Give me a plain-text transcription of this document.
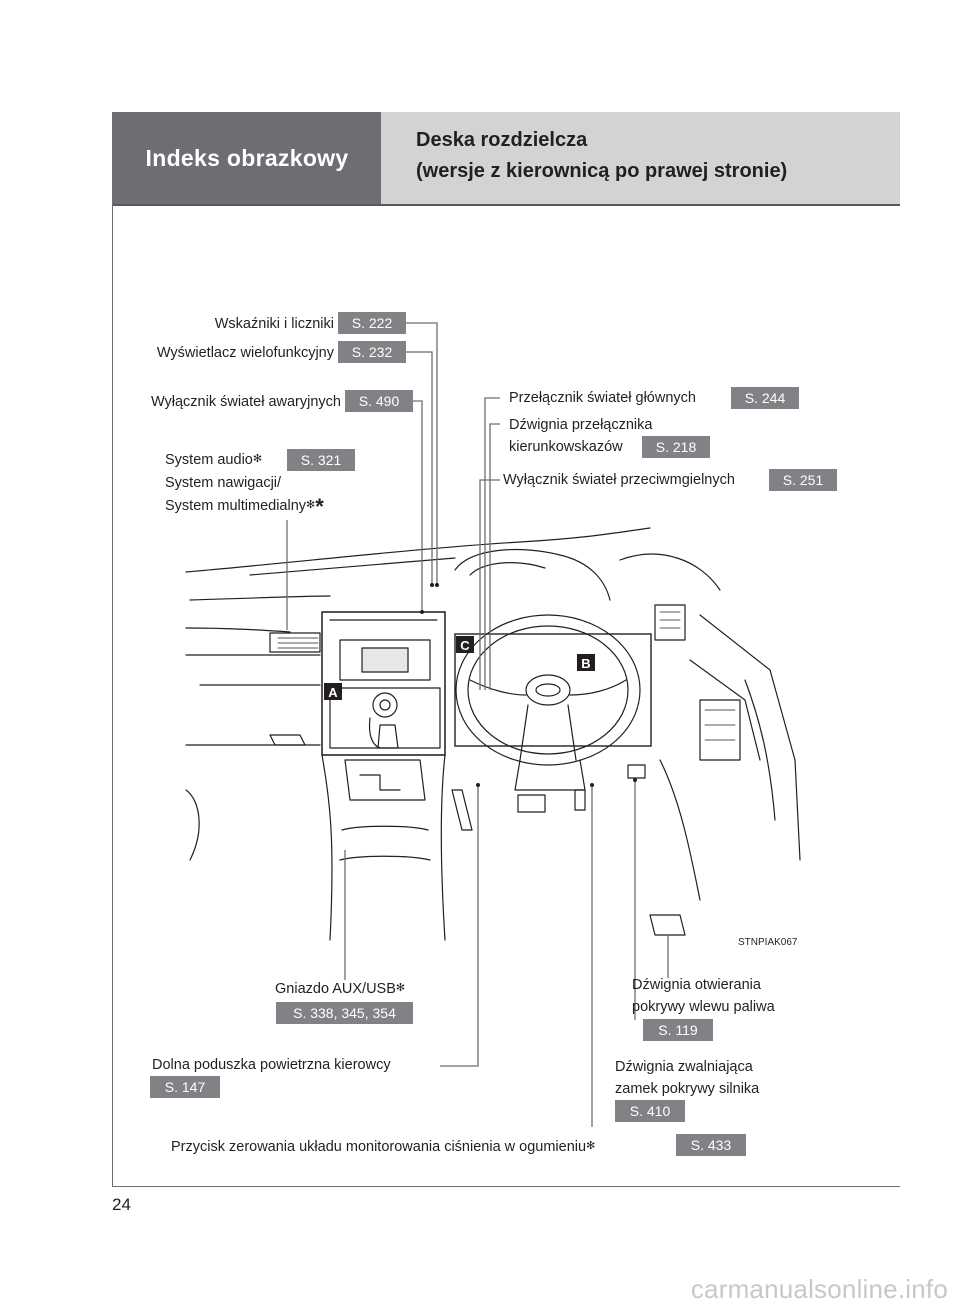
Indeks obrazkowy
Deska rozdzielcza
(wersje z kierownicą po prawej stronie)
A
B
C
STNPIAK067
Wskaźniki i liczniki	S. 222
Wyświetlacz wielofunkcyjny	S. 232
Wyłącznik świateł awaryjnych	S. 490
System audio✻	S. 321
System nawigacji/
System multimedialny✻*
Przełącznik świateł głównych	S. 244
Dźwignia przełącznika
kierunkowskazów	S. 218
Wyłącznik świateł przeciwmgielnych	S. 251
Gniazdo AUX/USB✻
S. 338, 345, 354
Dolna poduszka powietrzna kierowcy
S. 147
Dźwignia otwierania
pokrywy wlewu paliwa
S. 119
Dźwignia zwalniająca
zamek pokrywy silnika
S. 410
Przycisk zerowania układu monitorowania ciśnienia w ogumieniu✻	S. 433
24
carmanualsonline.info
